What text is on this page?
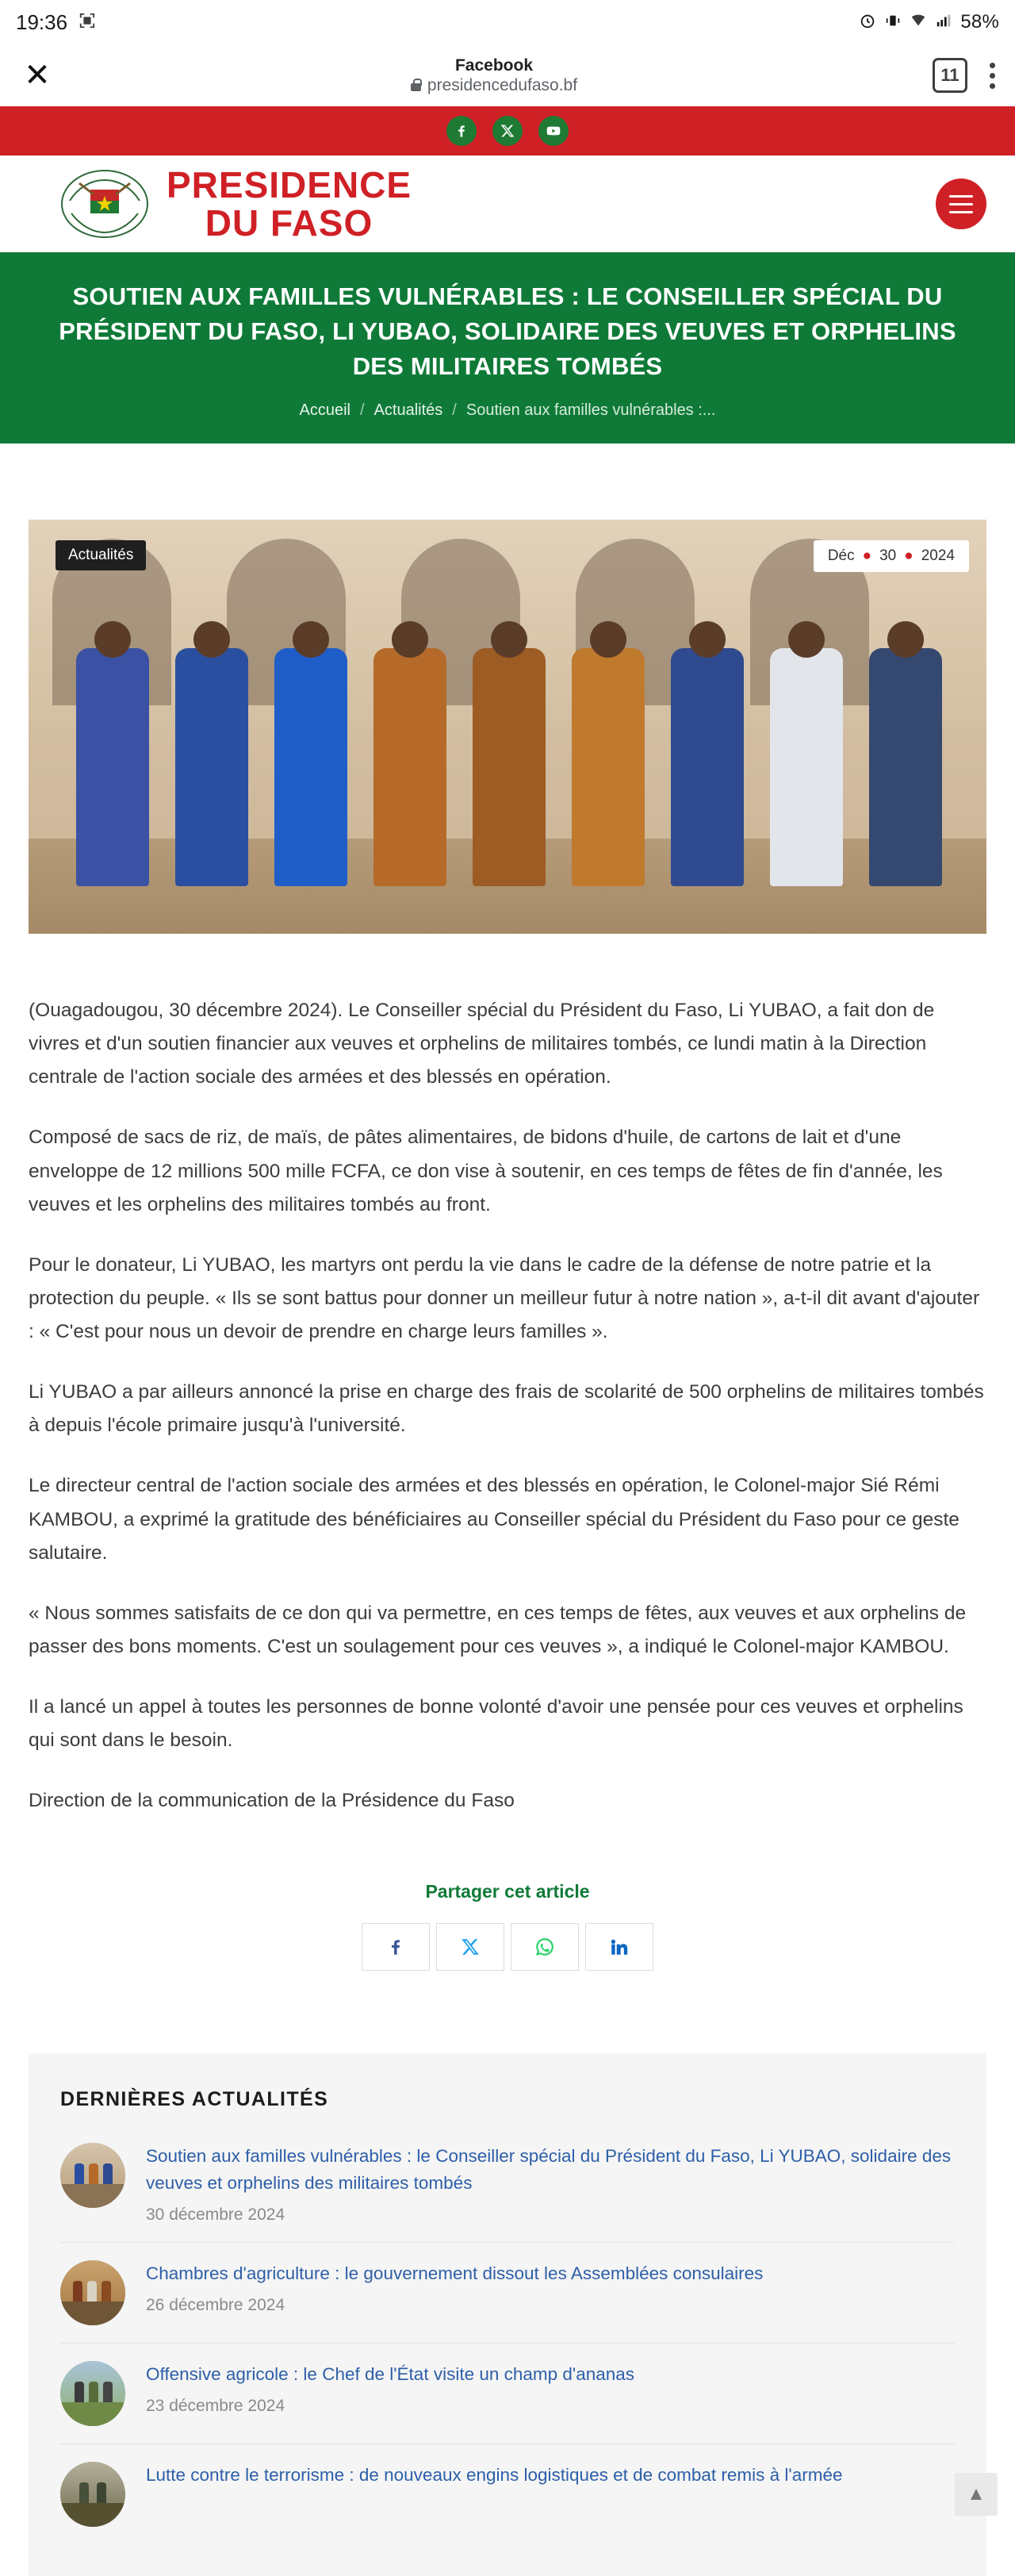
19:36	58%
✕	Facebook
presidencedufaso.bf
11
PRESIDENCE
DU FASO
SOUTIEN AUX FAMILLES VULNÉRABLES : LE CONSEILLER SPÉCIAL DU PRÉSIDENT DU FASO, LI YUBAO, SOLIDAIRE DES VEUVES ET ORPHELINS DES MILITAIRES TOMBÉS
Accueil / Actualités / Soutien aux familles vulnérables :...
Actualités	Déc ● 30 ● 2024

(Ouagadougou, 30 décembre 2024). Le Conseiller spécial du Président du Faso, Li YUBAO, a fait don de vivres et d'un soutien financier aux veuves et orphelins de militaires tombés, ce lundi matin à la Direction centrale de l'action sociale des armées et des blessés en opération.

Composé de sacs de riz, de maïs, de pâtes alimentaires, de bidons d'huile, de cartons de lait et d'une enveloppe de 12 millions 500 mille FCFA, ce don vise à soutenir, en ces temps de fêtes de fin d'année, les veuves et les orphelins des militaires tombés au front.

Pour le donateur, Li YUBAO, les martyrs ont perdu la vie dans le cadre de la défense de notre patrie et la protection du peuple. « Ils se sont battus pour donner un meilleur futur à notre nation », a-t-il dit avant d'ajouter : « C'est pour nous un devoir de prendre en charge leurs familles ».

Li YUBAO a par ailleurs annoncé la prise en charge des frais de scolarité de 500 orphelins de militaires tombés à depuis l'école primaire jusqu'à l'université.

Le directeur central de l'action sociale des armées et des blessés en opération, le Colonel-major Sié Rémi KAMBOU, a exprimé la gratitude des bénéficiaires au Conseiller spécial du Président du Faso pour ce geste salutaire.

« Nous sommes satisfaits de ce don qui va permettre, en ces temps de fêtes, aux veuves et aux orphelins de passer des bons moments. C'est un soulagement pour ces veuves », a indiqué le Colonel-major KAMBOU.

Il a lancé un appel à toutes les personnes de bonne volonté d'avoir une pensée pour ces veuves et orphelins qui sont dans le besoin.

Direction de la communication de la Présidence du Faso

Partager cet article
DERNIÈRES ACTUALITÉS
Soutien aux familles vulnérables : le Conseiller spécial du Président du Faso, Li YUBAO, solidaire des veuves et orphelins des militaires tombés
30 décembre 2024
Chambres d'agriculture : le gouvernement dissout les Assemblées consulaires
26 décembre 2024
Offensive agricole : le Chef de l'État visite un champ d'ananas
23 décembre 2024
Lutte contre le terrorisme : de nouveaux engins logistiques et de combat remis à l'armée
▲
